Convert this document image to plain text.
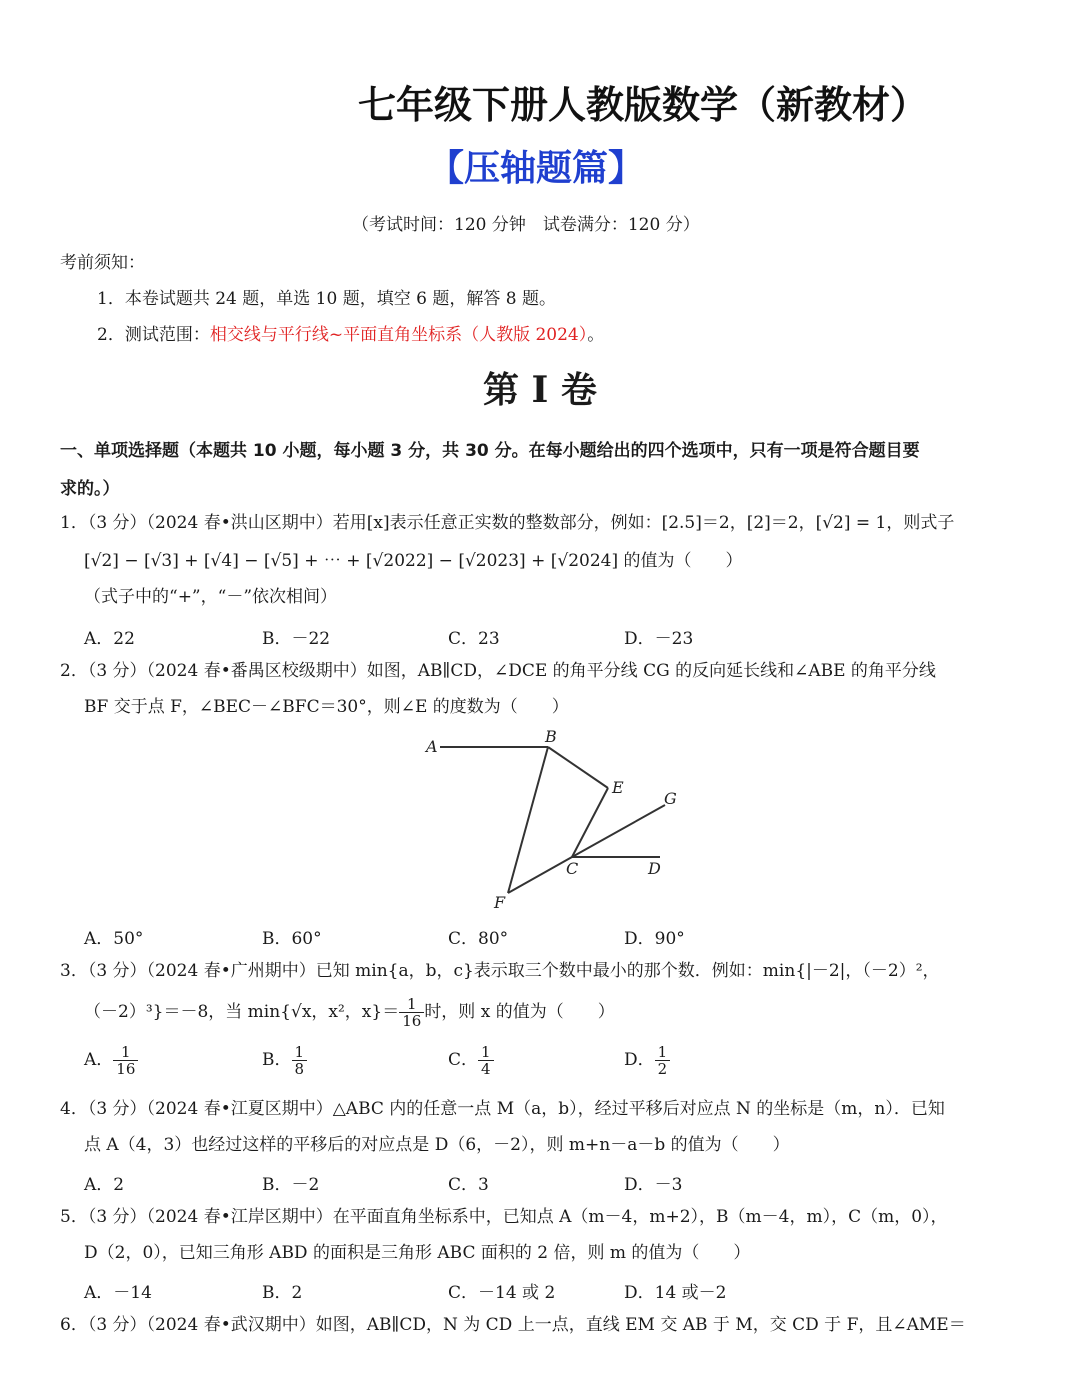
七年级下册人教版数学（新教材）
【压轴题篇】
（考试时间：120 分钟　试卷满分：120 分）
考前须知：
1．本卷试题共 24 题，单选 10 题，填空 6 题，解答 8 题。
2．测试范围：相交线与平行线~平面直角坐标系（人教版 2024）。
第 I 卷
一、单项选择题（本题共 10 小题，每小题 3 分，共 30 分。在每小题给出的四个选项中，只有一项是符合题目要
求的。）
1．（3 分）（2024 春•洪山区期中）若用[x]表示任意正实数的整数部分，例如：[2.5]＝2，[2]＝2，[√2] = 1，则式子
[√2] − [√3] + [√4] − [√5] + ⋯ + [√2022] − [√2023] + [√2024] 的值为（　　）
（式子中的“+”，“－”依次相间）
A．22	B．－22	C．23	D．－23
2．（3 分）（2024 春•番禺区校级期中）如图，AB∥CD，∠DCE 的角平分线 CG 的反向延长线和∠ABE 的角平分线
BF 交于点 F，∠BEC－∠BFC＝30°，则∠E 的度数为（　　）
A
B
E
G
C	D
F
A．50°	B．60°	C．80°	D．90°
3．（3 分）（2024 春•广州期中）已知 min{a，b，c}表示取三个数中最小的那个数．例如：min{|－2|，（－2）²，
（－2）³}＝－8，当 min{√x，x²，$x\}= \frac{1}{16}$ 时，则 x 的值为（　　）
A． $\frac{1}{16}$	B． $\frac{1}{8}$	C． $\frac{1}{4}$	D． $\frac{1}{2}$
4．（3 分）（2024 春•江夏区期中）△ABC 内的任意一点 M（a，b），经过平移后对应点 N 的坐标是（m，n）．已知
点 A（4，3）也经过这样的平移后的对应点是 D（6，－2），则 m+n－a－b 的值为（　　）
A．2	B．－2	C．3	D．－3
5．（3 分）（2024 春•江岸区期中）在平面直角坐标系中，已知点 A（m－4，m+2），B（m－4，m），C（m，0），
D（2，0），已知三角形 ABD 的面积是三角形 ABC 面积的 2 倍，则 m 的值为（　　）
A．－14	B．2	C．－14 或 2	D．14 或－2
6．（3 分）（2024 春•武汉期中）如图，AB∥CD，N 为 CD 上一点，直线 EM 交 AB 于 M，交 CD 于 F，且∠AME＝
